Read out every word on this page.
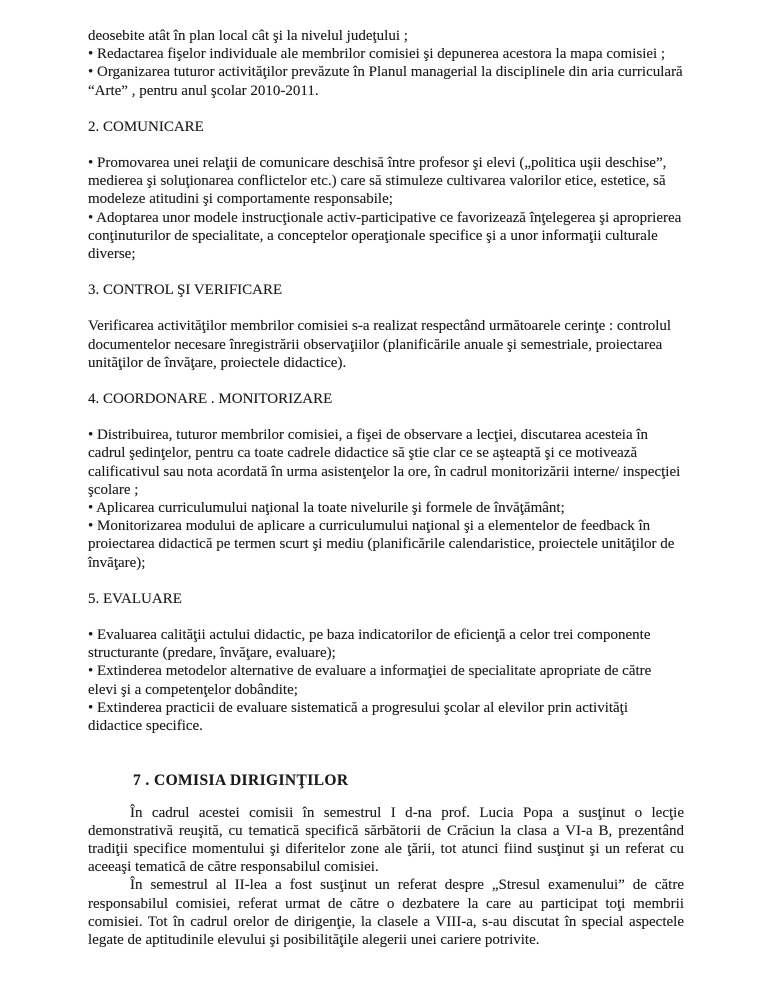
deosebite atât în plan local cât şi la nivelul judeţului ;

• Redactarea fişelor individuale ale membrilor comisiei şi depunerea acestora la mapa comisiei ;

• Organizarea tuturor activităţilor prevăzute în Planul managerial la disciplinele din aria curriculară “Arte” , pentru anul şcolar 2010-2011.

2. COMUNICARE

• Promovarea unei relaţii de comunicare deschisă între profesor şi elevi („politica uşii deschise”, medierea şi soluţionarea conflictelor etc.) care să stimuleze cultivarea valorilor etice, estetice, să modeleze atitudini şi comportamente responsabile;

• Adoptarea unor modele instrucţionale activ-participative ce favorizează înţelegerea şi aproprierea conţinuturilor de specialitate, a conceptelor operaţionale specifice şi a unor informaţii culturale diverse;

3. CONTROL ŞI VERIFICARE

Verificarea activităţilor membrilor comisiei s-a realizat respectând următoarele cerinţe : controlul documentelor necesare înregistrării observaţiilor (planificările anuale şi semestriale, proiectarea unităţilor de învăţare, proiectele didactice).

4. COORDONARE . MONITORIZARE

• Distribuirea, tuturor membrilor comisiei, a fişei de observare a lecţiei, discutarea acesteia în cadrul şedinţelor, pentru ca toate cadrele didactice să ştie clar ce se aşteaptă şi ce motivează calificativul sau nota acordată în urma asistenţelor la ore, în cadrul monitorizării interne/ inspecţiei şcolare ;

• Aplicarea curriculumului naţional la toate nivelurile şi formele de învăţământ;

• Monitorizarea modului de aplicare a curriculumului naţional şi a elementelor de feedback în proiectarea didactică pe termen scurt şi mediu (planificările calendaristice, proiectele unităţilor de învăţare);

5. EVALUARE

• Evaluarea calităţii actului didactic, pe baza indicatorilor de eficienţă a celor trei componente structurante (predare, învăţare, evaluare);

• Extinderea metodelor alternative de evaluare a informaţiei de specialitate apropriate de către elevi şi a competenţelor dobândite;

• Extinderea practicii de evaluare sistematică a progresului şcolar al elevilor prin activităţi didactice specifice.

7 . COMISIA DIRIGINŢILOR

În cadrul acestei comisii în semestrul I d-na prof. Lucia Popa a susţinut o lecţie demonstrativă reuşită, cu tematică specifică sărbătorii de Crăciun la clasa a VI-a B, prezentând tradiţii specifice momentului şi diferitelor zone ale ţării, tot atunci fiind susţinut şi un referat cu aceeaşi tematică de către responsabilul comisiei.

În semestrul al II-lea a fost susţinut un referat despre „Stresul examenului” de către responsabilul comisiei, referat urmat de către o dezbatere la care au participat toţi membrii comisiei. Tot în cadrul orelor de dirigenţie, la clasele a VIII-a, s-au discutat în special aspectele legate de aptitudinile elevului şi posibilităţile alegerii unei cariere potrivite.
